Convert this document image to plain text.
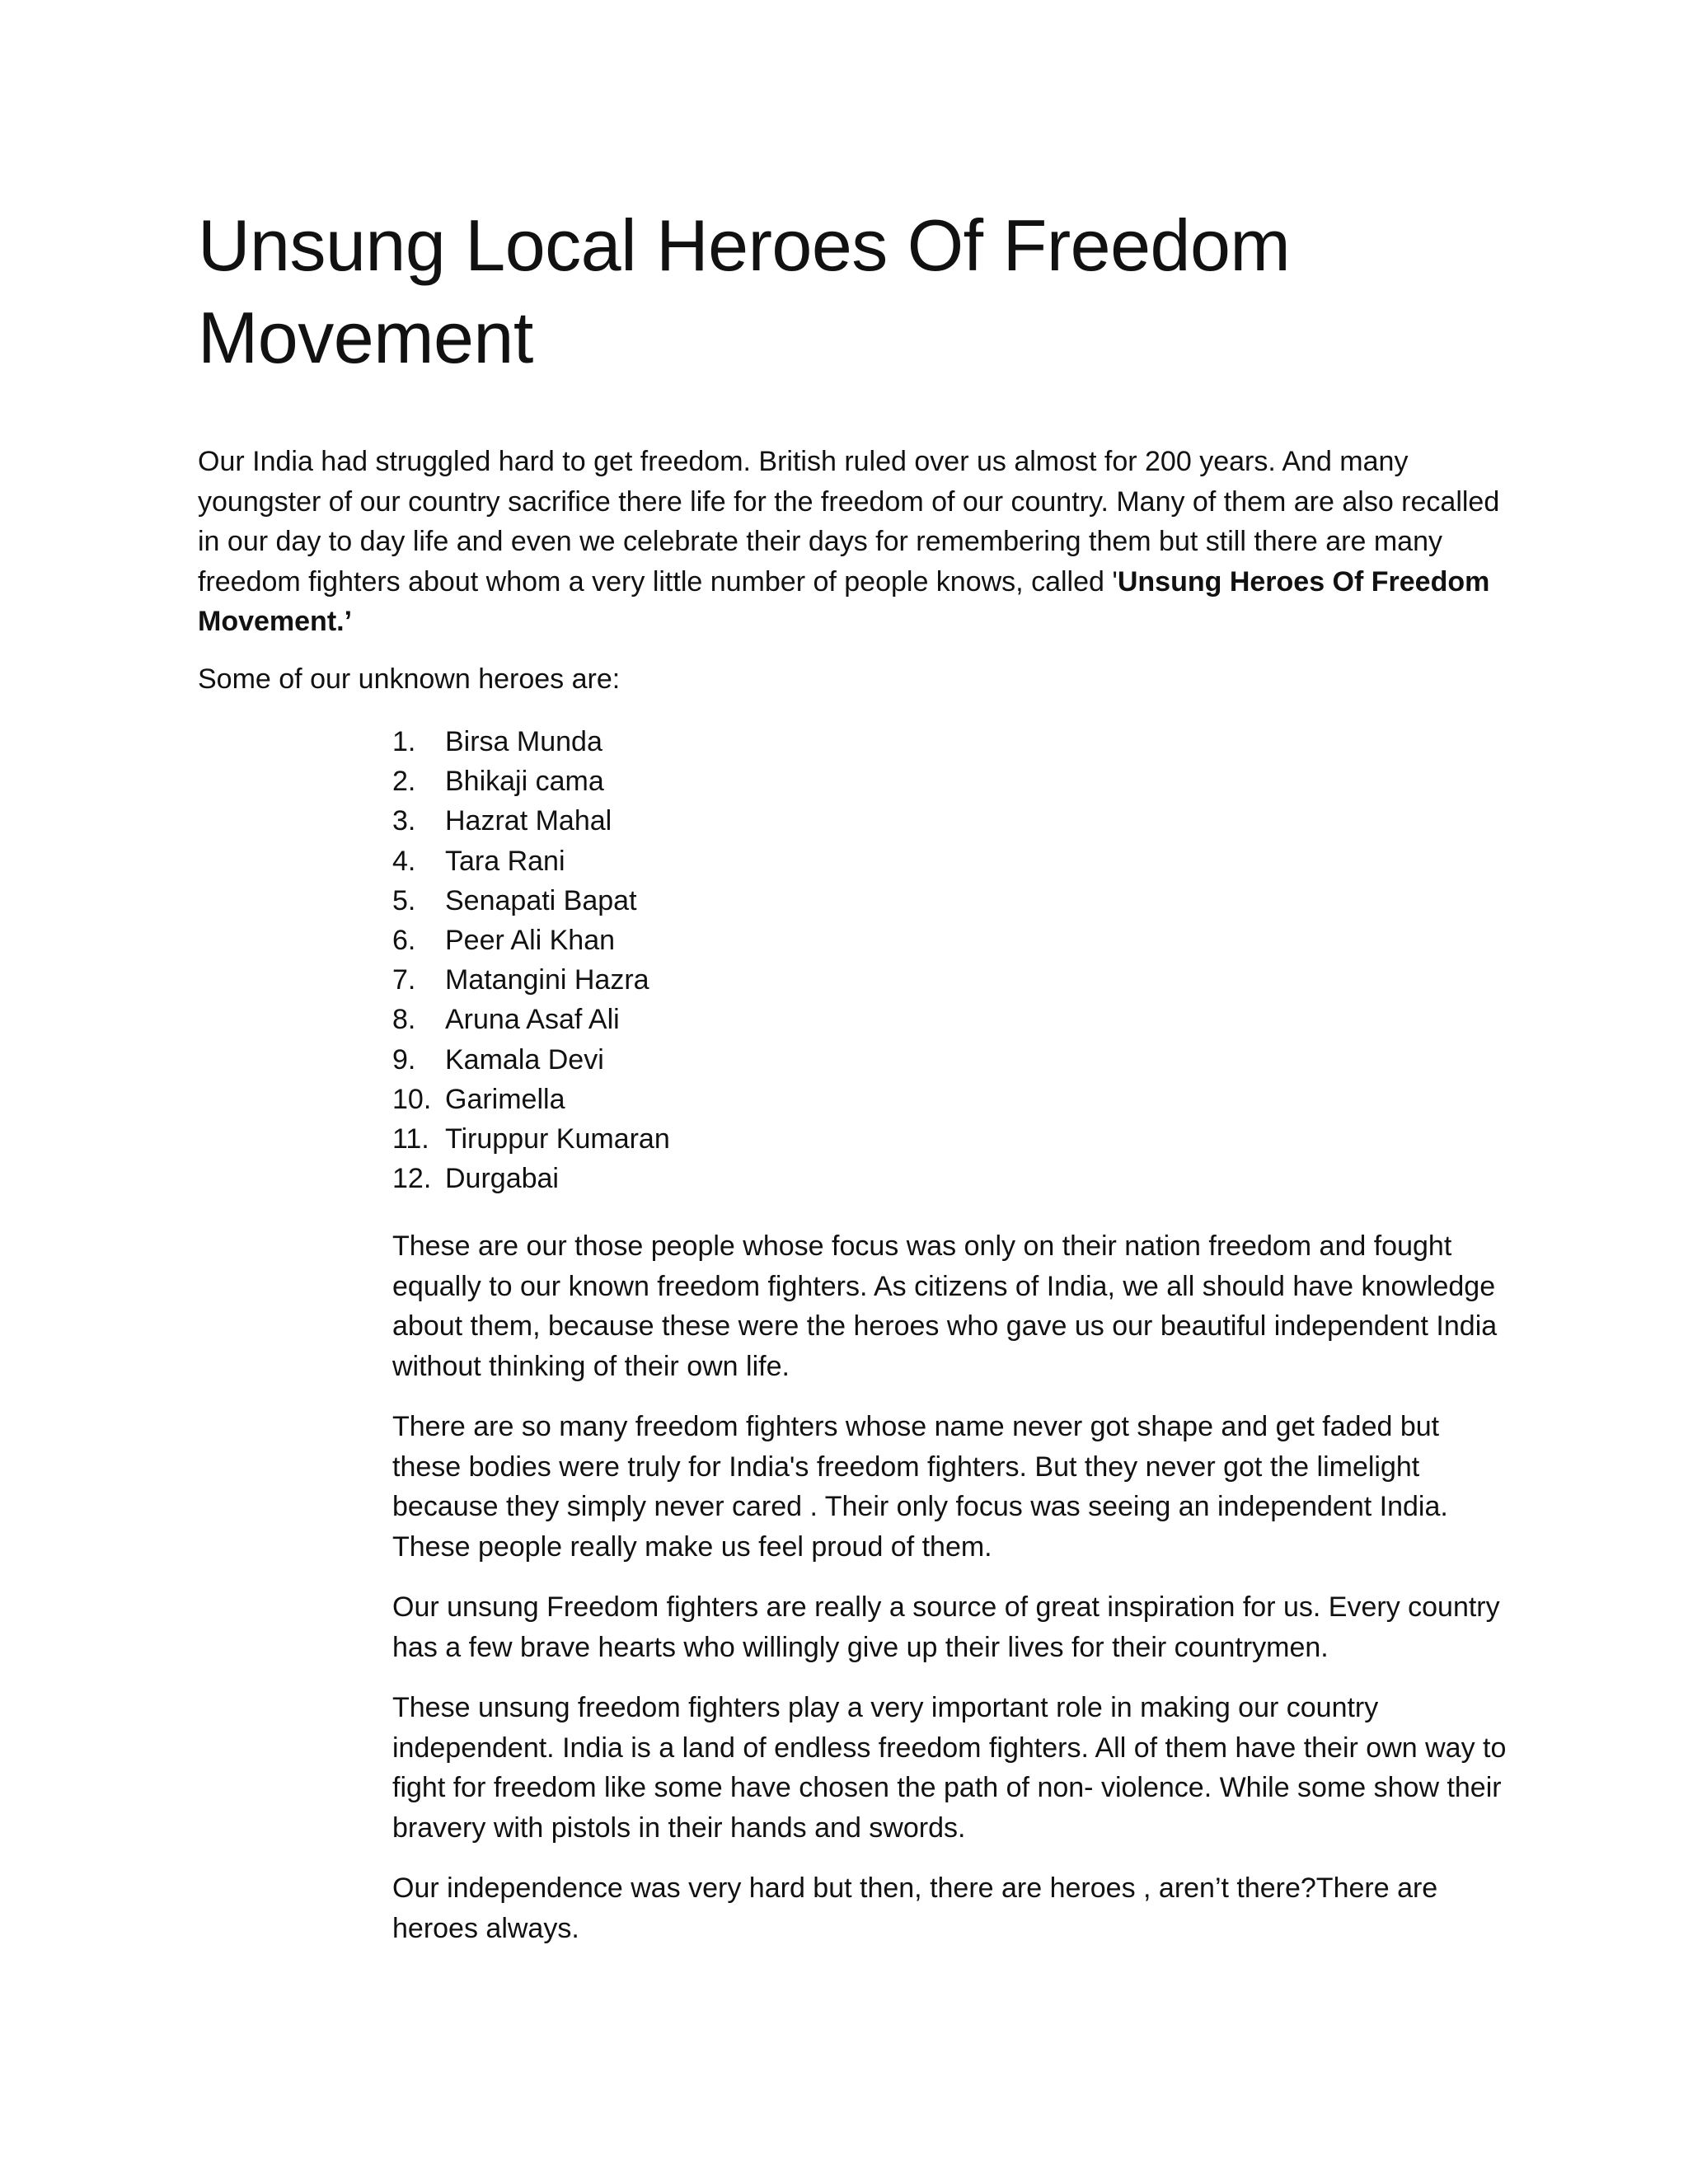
Unsung Local Heroes Of Freedom Movement

Our India had struggled hard to get freedom. British ruled over us almost for 200 years. And many youngster of our country sacrifice there life for the freedom of our country. Many of them are also recalled in our day to day life and even we celebrate their days for remembering them but still there are many freedom fighters about whom a very little number of people knows, called 'Unsung Heroes Of Freedom Movement.’

Some of our unknown heroes are:

1. Birsa Munda
2. Bhikaji cama
3. Hazrat Mahal
4. Tara Rani
5. Senapati Bapat
6. Peer Ali Khan
7. Matangini Hazra
8. Aruna Asaf Ali
9. Kamala Devi
10. Garimella
11. Tiruppur Kumaran
12. Durgabai

These are our those people whose focus was only on their nation freedom and fought equally to our known freedom fighters. As citizens of India, we all should have knowledge about them, because these were the heroes who gave us our beautiful independent India without thinking of their own life.

There are so many freedom fighters whose name never got shape and get faded but these bodies were truly for India's freedom fighters. But they never got the limelight because they simply never cared . Their only focus was seeing an independent India. These people really make us feel proud of them.

Our unsung Freedom fighters are really a source of great inspiration for us. Every country has a few brave hearts who willingly give up their lives for their countrymen.

These unsung freedom fighters play a very important role in making our country independent. India is a land of endless freedom fighters. All of them have their own way to fight for freedom like some have chosen the path of non- violence. While some show their bravery with pistols in their hands and swords.

Our independence was very hard but then, there are heroes , aren’t there?There are heroes always.
